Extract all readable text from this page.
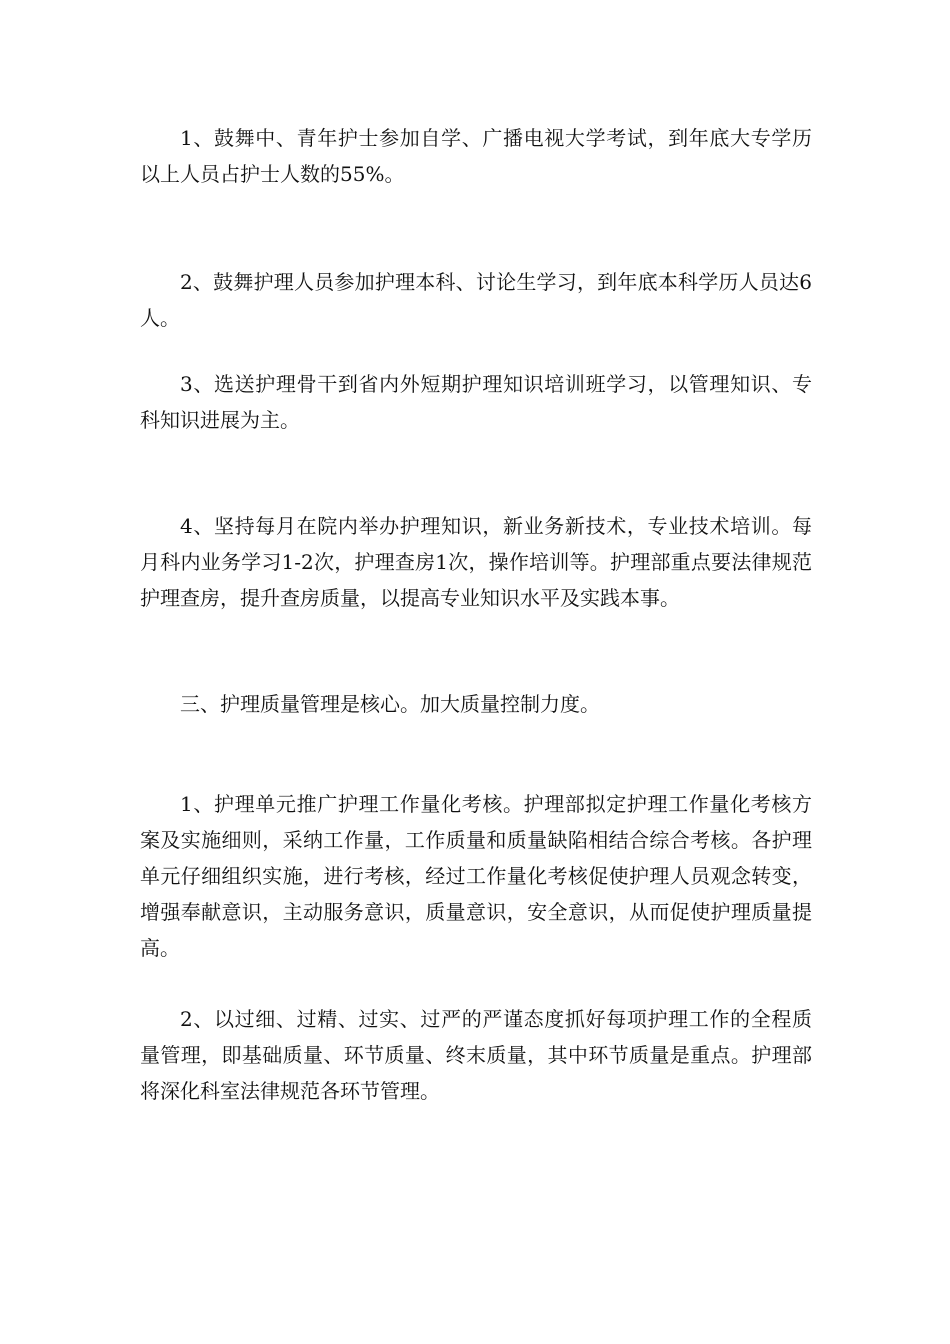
1、鼓舞中、青年护士参加自学、广播电视大学考试，到年底大专学历以上人员占护士人数的55%。

2、鼓舞护理人员参加护理本科、讨论生学习，到年底本科学历人员达6人。

3、选送护理骨干到省内外短期护理知识培训班学习，以管理知识、专科知识进展为主。

4、坚持每月在院内举办护理知识，新业务新技术，专业技术培训。每月科内业务学习1-2次，护理查房1次，操作培训等。护理部重点要法律规范护理查房，提升查房质量，以提高专业知识水平及实践本事。

三、护理质量管理是核心。加大质量控制力度。

1、护理单元推广护理工作量化考核。护理部拟定护理工作量化考核方案及实施细则，采纳工作量，工作质量和质量缺陷相结合综合考核。各护理单元仔细组织实施，进行考核，经过工作量化考核促使护理人员观念转变，增强奉献意识，主动服务意识，质量意识，安全意识，从而促使护理质量提高。

2、以过细、过精、过实、过严的严谨态度抓好每项护理工作的全程质量管理，即基础质量、环节质量、终末质量，其中环节质量是重点。护理部将深化科室法律规范各环节管理。
